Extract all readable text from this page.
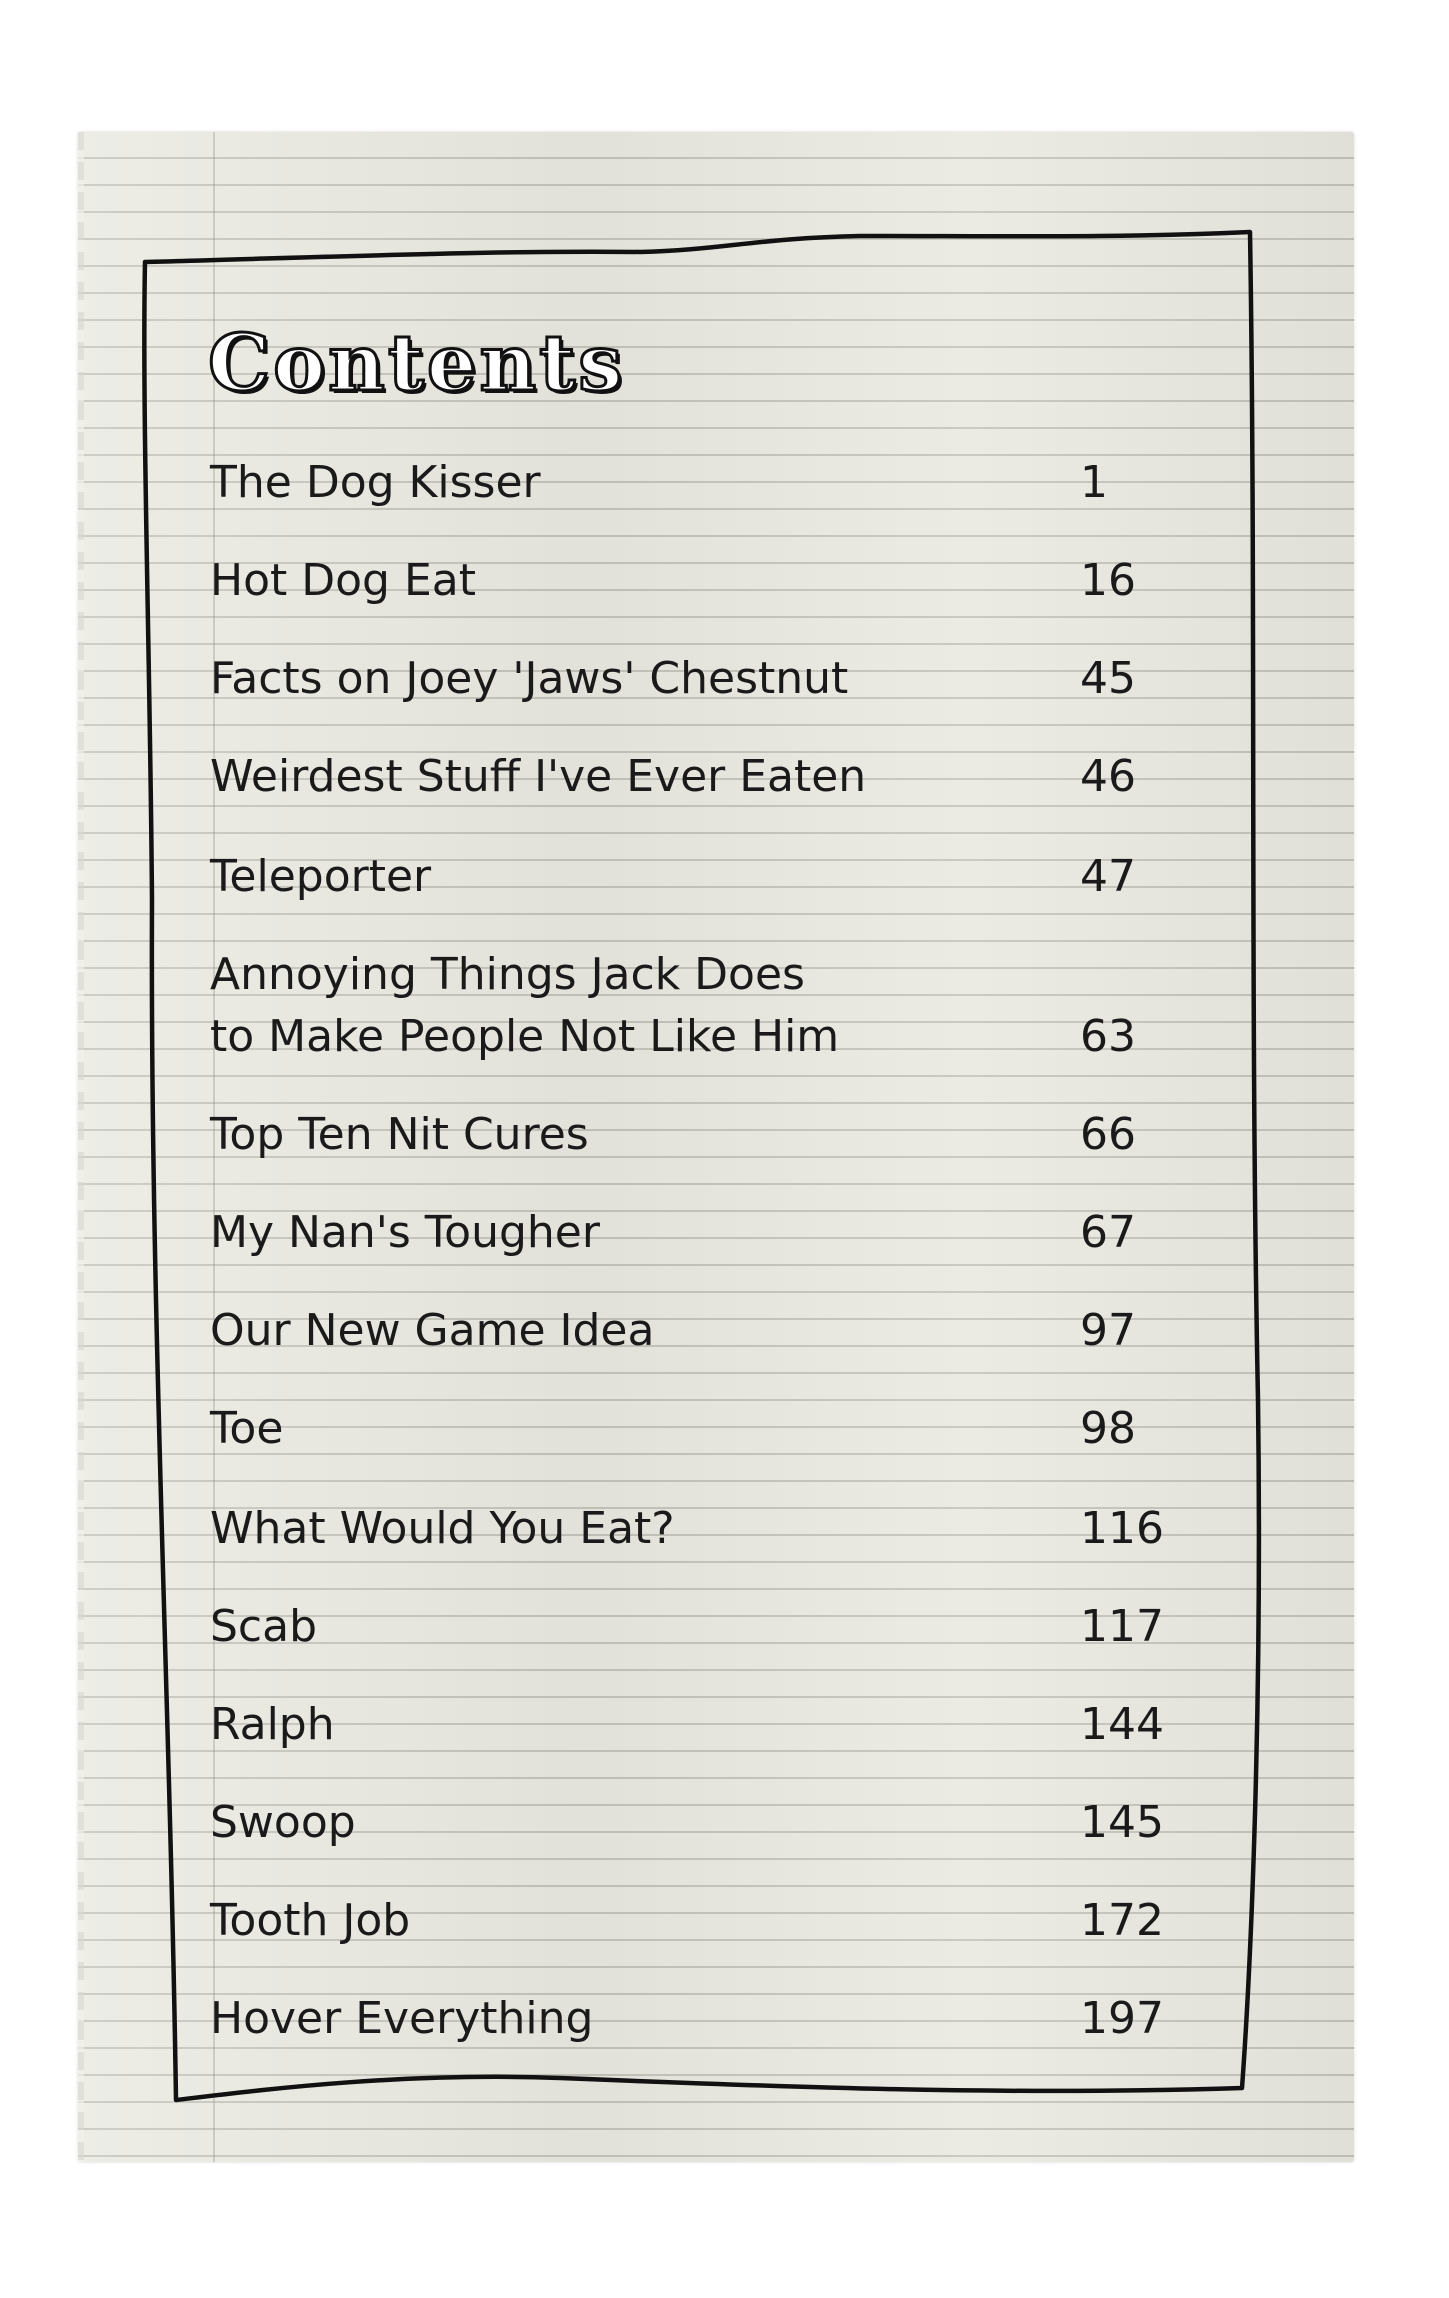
Contents
The Dog Kisser	1
Hot Dog Eat	16
Facts on Joey 'Jaws' Chestnut	45
Weirdest Stuff I've Ever Eaten	46
Teleporter	47
Annoying Things Jack Does
to Make People Not Like Him	63
Top Ten Nit Cures	66
My Nan's Tougher	67
Our New Game Idea	97
Toe	98
What Would You Eat?	116
Scab	117
Ralph	144
Swoop	145
Tooth Job	172
Hover Everything	197
